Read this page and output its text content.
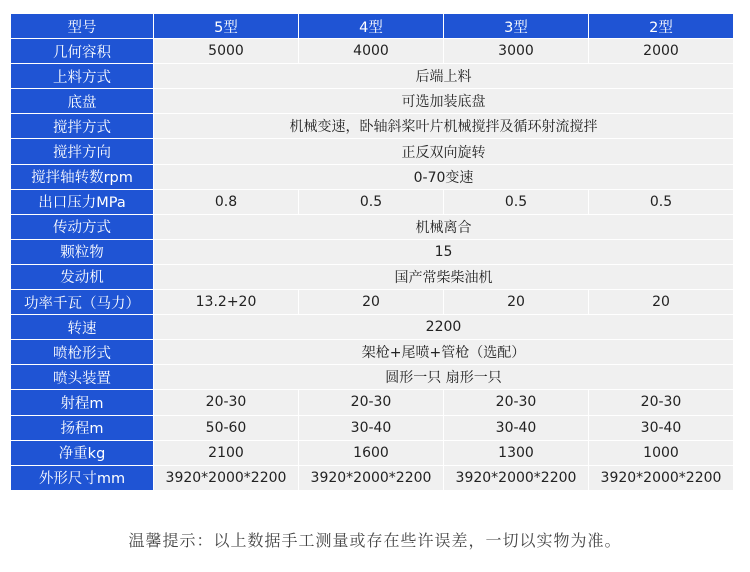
型号	5型	4型	3型	2型
几何容积	5000	4000	3000	2000
上料方式	后端上料
底盘	可选加装底盘
搅拌方式	机械变速，卧轴斜桨叶片机械搅拌及循环射流搅拌
搅拌方向	正反双向旋转
搅拌轴转数rpm	0-70变速
出口压力MPa	0.8	0.5	0.5	0.5
传动方式	机械离合
颗粒物	15
发动机	国产常柴柴油机
功率千瓦（马力）	13.2+20	20	20	20
转速	2200
喷枪形式	架枪+尾喷+管枪（选配）
喷头装置	圆形一只 扇形一只
射程m	20-30	20-30	20-30	20-30
扬程m	50-60	30-40	30-40	30-40
净重kg	2100	1600	1300	1000
外形尺寸mm	3920*2000*2200	3920*2000*2200	3920*2000*2200	3920*2000*2200
温馨提示：以上数据手工测量或存在些许误差，一切以实物为准。
